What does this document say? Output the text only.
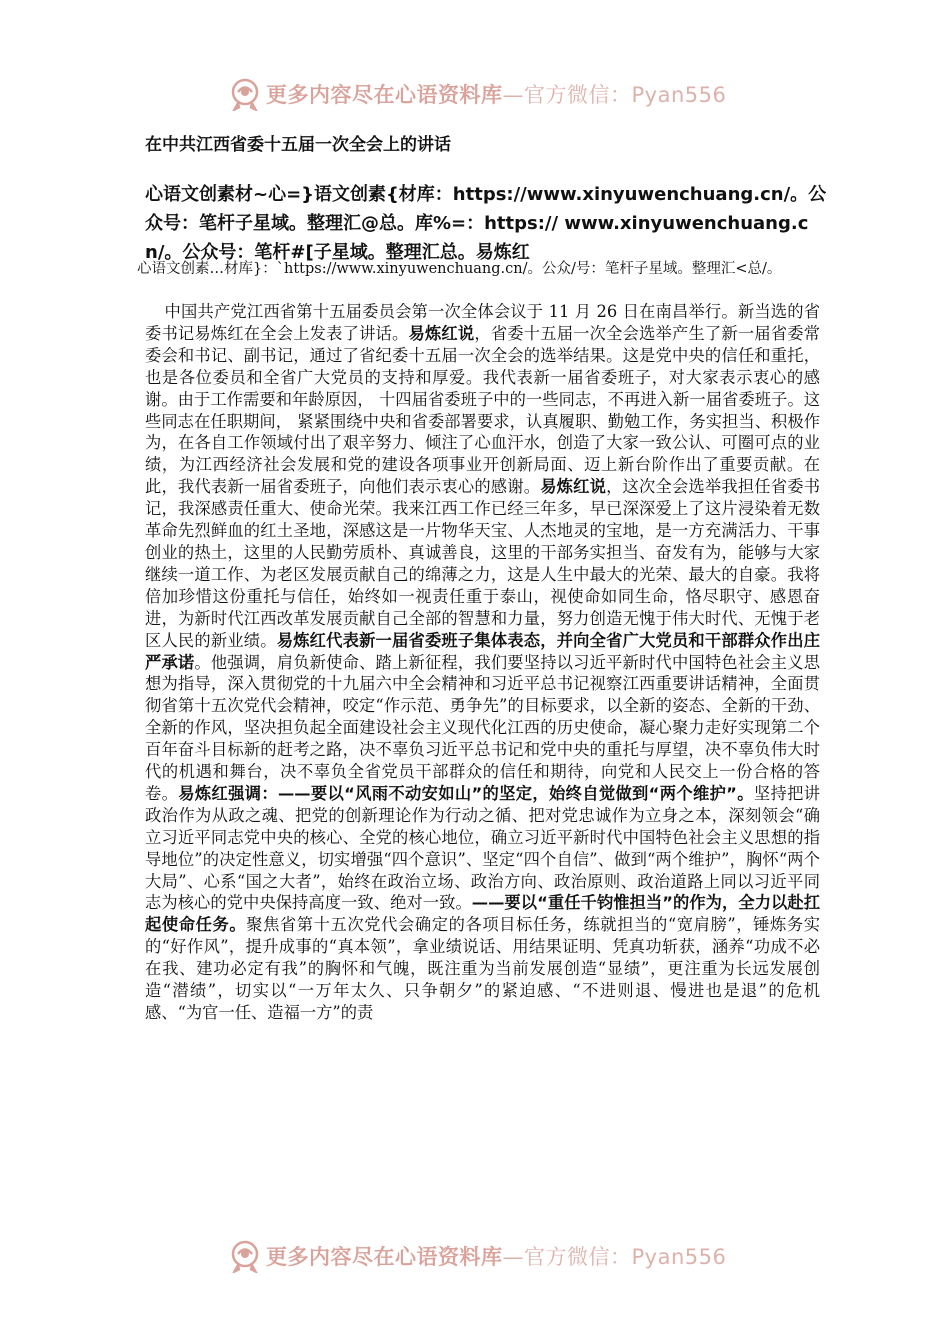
更多内容尽在心语资料库—官方微信：Pyan556
在中共江西省委十五届一次全会上的讲话
心语文创素材~心=}语文创素{材库：https://www.xinyuwenchuang.cn/。公众号：笔杆子星域。整理汇@总。库%=：https:// www.xinyuwenchuang.cn/。公众号：笔杆#[子星域。整理汇总。易炼红
心语文创素…材库}：`https://www.xinyuwenchuang.cn/。公众/号：笔杆子星域。整理汇<总/。

中国共产党江西省第十五届委员会第一次全体会议于 11 月 26 日在南昌举行。新当选的省委书记易炼红在全会上发表了讲话。易炼红说，省委十五届一次全会选举产生了新一届省委常委会和书记、副书记，通过了省纪委十五届一次全会的选举结果。这是党中央的信任和重托，也是各位委员和全省广大党员的支持和厚爱。我代表新一届省委班子，对大家表示衷心的感谢。由于工作需要和年龄原因， 十四届省委班子中的一些同志，不再进入新一届省委班子。这些同志在任职期间， 紧紧围绕中央和省委部署要求，认真履职、勤勉工作，务实担当、积极作为，在各自工作领域付出了艰辛努力、倾注了心血汗水，创造了大家一致公认、可圈可点的业绩，为江西经济社会发展和党的建设各项事业开创新局面、迈上新台阶作出了重要贡献。在此，我代表新一届省委班子，向他们表示衷心的感谢。易炼红说，这次全会选举我担任省委书记，我深感责任重大、使命光荣。我来江西工作已经三年多，早已深深爱上了这片浸染着无数革命先烈鲜血的红土圣地，深感这是一片物华天宝、人杰地灵的宝地，是一方充满活力、干事创业的热土，这里的人民勤劳质朴、真诚善良，这里的干部务实担当、奋发有为，能够与大家继续一道工作、为老区发展贡献自己的绵薄之力，这是人生中最大的光荣、最大的自豪。我将倍加珍惜这份重托与信任，始终如一视责任重于泰山，视使命如同生命，恪尽职守、感恩奋进，为新时代江西改革发展贡献自己全部的智慧和力量，努力创造无愧于伟大时代、无愧于老区人民的新业绩。易炼红代表新一届省委班子集体表态，并向全省广大党员和干部群众作出庄严承诺。他强调，肩负新使命、踏上新征程，我们要坚持以习近平新时代中国特色社会主义思想为指导，深入贯彻党的十九届六中全会精神和习近平总书记视察江西重要讲话精神，全面贯彻省第十五次党代会精神，咬定“作示范、勇争先”的目标要求，以全新的姿态、全新的干劲、全新的作风，坚决担负起全面建设社会主义现代化江西的历史使命，凝心聚力走好实现第二个百年奋斗目标新的赶考之路，决不辜负习近平总书记和党中央的重托与厚望，决不辜负伟大时代的机遇和舞台，决不辜负全省党员干部群众的信任和期待，向党和人民交上一份合格的答卷。易炼红强调：——要以“风雨不动安如山”的坚定，始终自觉做到“两个维护”。坚持把讲政治作为从政之魂、把党的创新理论作为行动之循、把对党忠诚作为立身之本，深刻领会“确立习近平同志党中央的核心、全党的核心地位，确立习近平新时代中国特色社会主义思想的指导地位”的决定性意义，切实增强“四个意识”、坚定“四个自信”、做到“两个维护”，胸怀“两个大局”、心系“国之大者”，始终在政治立场、政治方向、政治原则、政治道路上同以习近平同志为核心的党中央保持高度一致、绝对一致。——要以“重任千钧惟担当”的作为，全力以赴扛起使命任务。聚焦省第十五次党代会确定的各项目标任务，练就担当的“宽肩膀”，锤炼务实的“好作风”，提升成事的“真本领”，拿业绩说话、用结果证明、凭真功斩获，涵养“功成不必在我、建功必定有我”的胸怀和气魄，既注重为当前发展创造“显绩”，更注重为长远发展创造“潜绩”，切实以“一万年太久、只争朝夕”的紧迫感、“不进则退、慢进也是退”的危机感、“为官一任、造福一方”的责

更多内容尽在心语资料库—官方微信：Pyan556
